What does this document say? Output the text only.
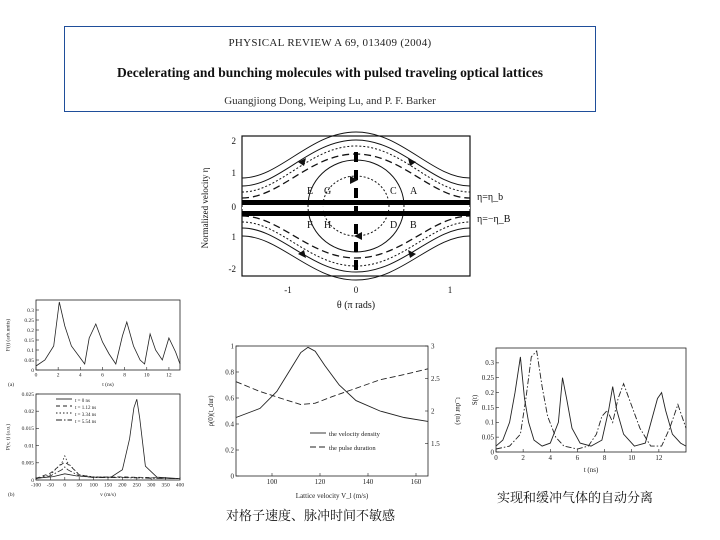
PHYSICAL REVIEW A 69, 013409 (2004)
Decelerating and bunching molecules with pulsed traveling optical lattices
Guangjiong Dong, Weiping Lu, and P. F. Barker
-1	0	1
2
1
0
1
-2
E G	C A
F H	D B
Normalized velocity η
θ (π rads)
η=η_b
η=−η_B
0	2	4	6	8	10	12
0
0.05
0.1
0.15
0.2
0.25
0.3
t (ns)
F(t) (arb.units)
(a)
-100 -50 0 50 100 150 200 250 300 350 400
0
0.005
0.01
0.015
0.02
0.025
v (m/s)
P(v, t) (a.u.)
(b)
t = 0 ns
t = 1.12 ns
t = 3.34 ns
t = 5.54 ns
100	120	140	160
0
0.2
0.4
0.6
0.8
1
1.5
2
2.5
3
t_dur (ns)
Lattice velocity V_l (m/s)
ρ(0)(t_dur)
the velocity density
the pulse duration
0	2	4	6	8	10	12
0
0.05
0.1
0.15
0.2
0.25
0.3
t (ns)
S(t)
对格子速度、脉冲时间不敏感
实现和缓冲气体的自动分离
